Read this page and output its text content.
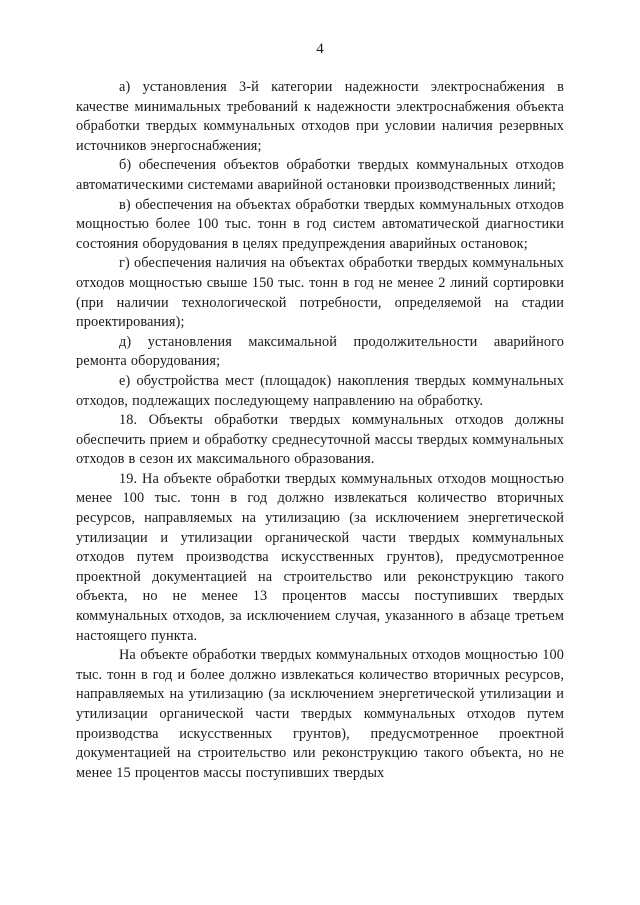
4

а) установления 3-й категории надежности электроснабжения в качестве минимальных требований к надежности электроснабжения объекта обработки твердых коммунальных отходов при условии наличия резервных источников энергоснабжения;

б) обеспечения объектов обработки твердых коммунальных отходов автоматическими системами аварийной остановки производственных линий;

в) обеспечения на объектах обработки твердых коммунальных отходов мощностью более 100 тыс. тонн в год систем автоматической диагностики состояния оборудования в целях предупреждения аварийных остановок;

г) обеспечения наличия на объектах обработки твердых коммунальных отходов мощностью свыше 150 тыс. тонн в год не менее 2 линий сортировки (при наличии технологической потребности, определяемой на стадии проектирования);

д) установления максимальной продолжительности аварийного ремонта оборудования;

е) обустройства мест (площадок) накопления твердых коммунальных отходов, подлежащих последующему направлению на обработку.

18. Объекты обработки твердых коммунальных отходов должны обеспечить прием и обработку среднесуточной массы твердых коммунальных отходов в сезон их максимального образования.

19. На объекте обработки твердых коммунальных отходов мощностью менее 100 тыс. тонн в год должно извлекаться количество вторичных ресурсов, направляемых на утилизацию (за исключением энергетической утилизации и утилизации органической части твердых коммунальных отходов путем производства искусственных грунтов), предусмотренное проектной документацией на строительство или реконструкцию такого объекта, но не менее 13 процентов массы поступивших твердых коммунальных отходов, за исключением случая, указанного в абзаце третьем настоящего пункта.

На объекте обработки твердых коммунальных отходов мощностью 100 тыс. тонн в год и более должно извлекаться количество вторичных ресурсов, направляемых на утилизацию (за исключением энергетической утилизации и утилизации органической части твердых коммунальных отходов путем производства искусственных грунтов), предусмотренное проектной документацией на строительство или реконструкцию такого объекта, но не менее 15 процентов массы поступивших твердых
